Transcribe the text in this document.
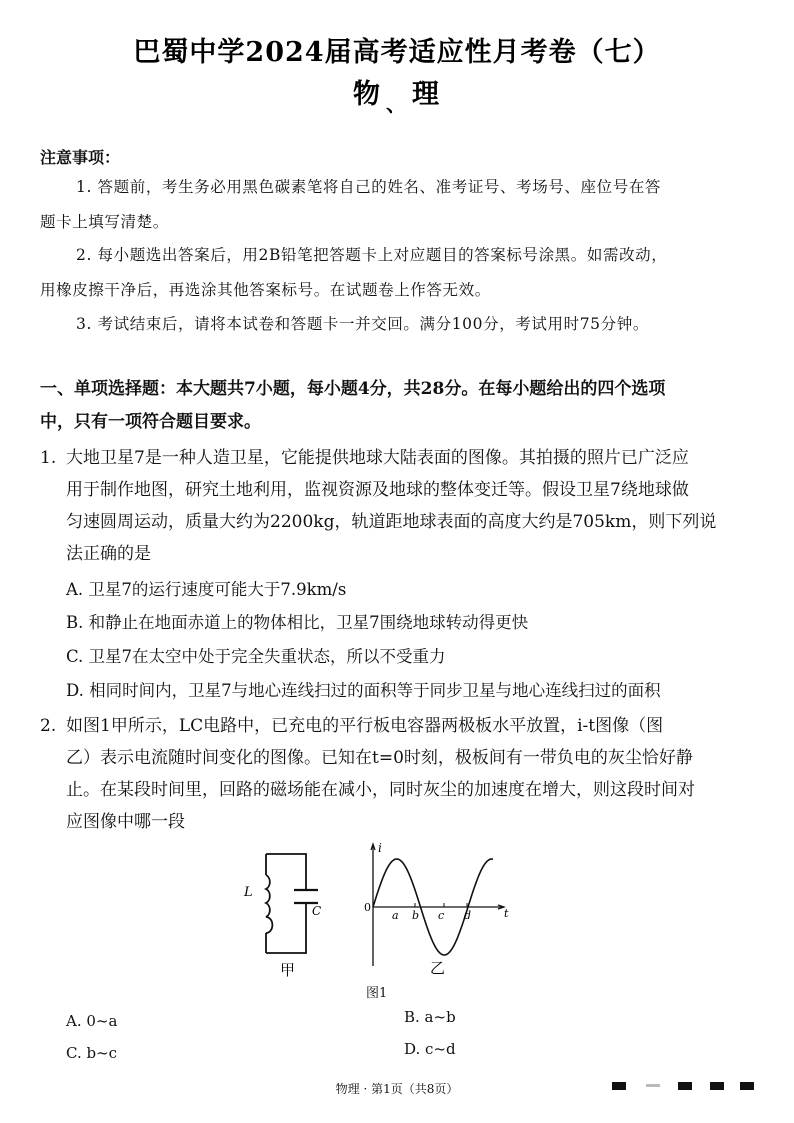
巴蜀中学2024届高考适应性月考卷（七）
物 $_、$ 理
注意事项：
1. 答题前，考生务必用黑色碳素笔将自己的姓名、准考证号、考场号、座位号在答
题卡上填写清楚。
2. 每小题选出答案后，用2B铅笔把答题卡上对应题目的答案标号涂黑。如需改动，
用橡皮擦干净后，再选涂其他答案标号。在试题卷上作答无效。
3. 考试结束后，请将本试卷和答题卡一并交回。满分100分，考试用时75分钟。
一、单项选择题：本大题共7小题，每小题4分，共28分。在每小题给出的四个选项
中，只有一项符合题目要求。
1. 大地卫星7是一种人造卫星，它能提供地球大陆表面的图像。其拍摄的照片已广泛应
用于制作地图，研究土地利用，监视资源及地球的整体变迁等。假设卫星7绕地球做
匀速圆周运动，质量大约为2200kg，轨道距地球表面的高度大约是705km，则下列说
法正确的是
A. 卫星7的运行速度可能大于7.9km/s
B. 和静止在地面赤道上的物体相比，卫星7围绕地球转动得更快
C. 卫星7在太空中处于完全失重状态，所以不受重力
D. 相同时间内，卫星7与地心连线扫过的面积等于同步卫星与地心连线扫过的面积
2. 如图1甲所示，LC电路中，已充电的平行板电容器两极板水平放置，i-t图像（图
乙）表示电流随时间变化的图像。已知在t=0时刻，极板间有一带负电的灰尘恰好静
止。在某段时间里，回路的磁场能在减小，同时灰尘的加速度在增大，则这段时间对
应图像中哪一段
L
C
甲
i
0	t
a b c d
乙
图1
A. 0~a	B. a~b
C. b~c	D. c~d
物理 · 第1页（共8页）
